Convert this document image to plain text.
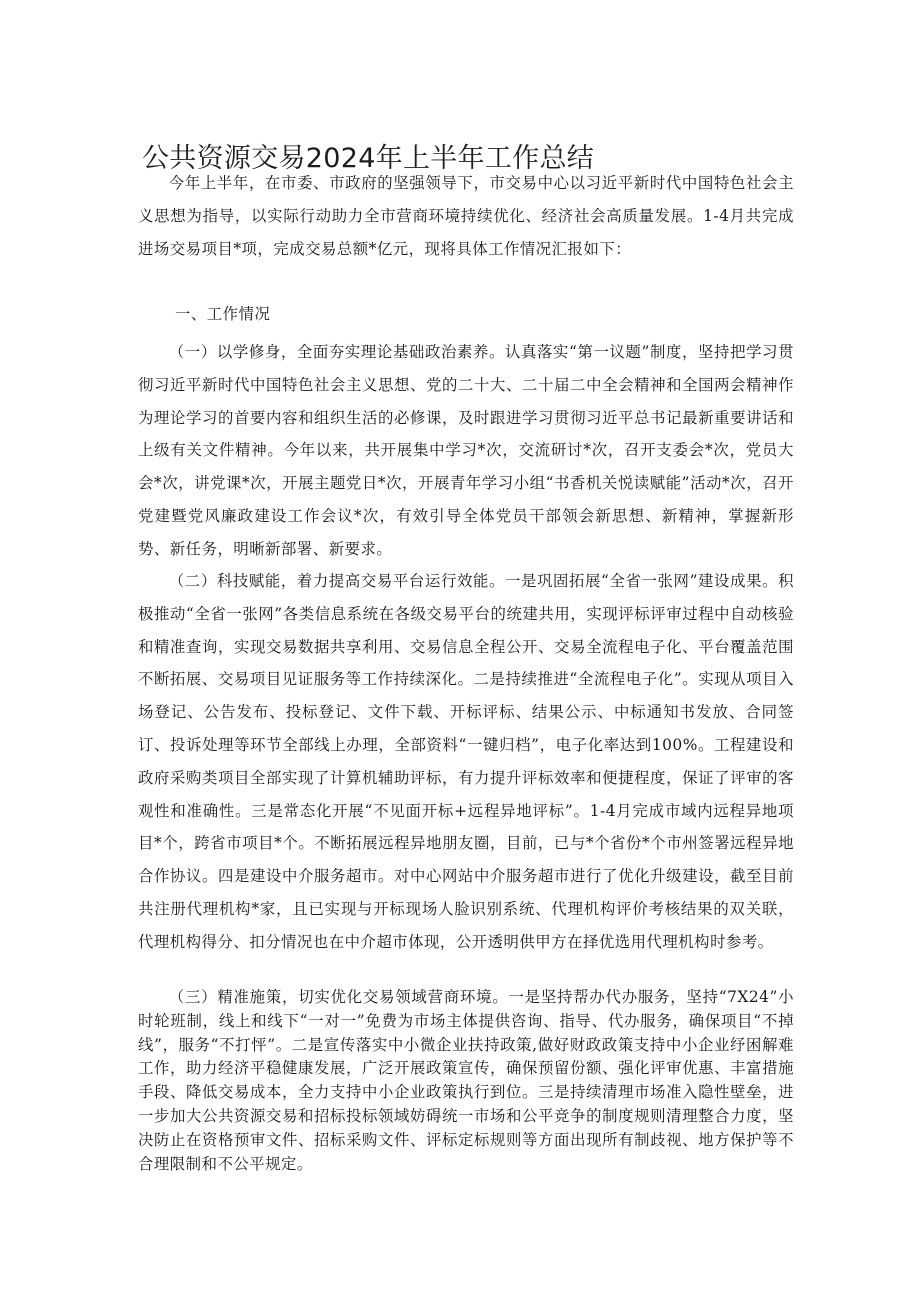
公共资源交易2024年上半年工作总结

今年上半年，在市委、市政府的坚强领导下，市交易中心以习近平新时代中国特色社会主义思想为指导，以实际行动助力全市营商环境持续优化、经济社会高质量发展。1-4月共完成进场交易项目*项，完成交易总额*亿元，现将具体工作情况汇报如下：

一、工作情况

（一）以学修身，全面夯实理论基础政治素养。认真落实“第一议题”制度，坚持把学习贯彻习近平新时代中国特色社会主义思想、党的二十大、二十届二中全会精神和全国两会精神作为理论学习的首要内容和组织生活的必修课，及时跟进学习贯彻习近平总书记最新重要讲话和上级有关文件精神。今年以来，共开展集中学习*次，交流研讨*次，召开支委会*次，党员大会*次，讲党课*次，开展主题党日*次，开展青年学习小组“书香机关悦读赋能”活动*次，召开党建暨党风廉政建设工作会议*次，有效引导全体党员干部领会新思想、新精神，掌握新形势、新任务，明晰新部署、新要求。

（二）科技赋能，着力提高交易平台运行效能。一是巩固拓展“全省一张网”建设成果。积极推动“全省一张网”各类信息系统在各级交易平台的统建共用，实现评标评审过程中自动核验和精准查询，实现交易数据共享利用、交易信息全程公开、交易全流程电子化、平台覆盖范围不断拓展、交易项目见证服务等工作持续深化。二是持续推进“全流程电子化”。实现从项目入场登记、公告发布、投标登记、文件下载、开标评标、结果公示、中标通知书发放、合同签订、投诉处理等环节全部线上办理，全部资料“一键归档”，电子化率达到100%。工程建设和政府采购类项目全部实现了计算机辅助评标，有力提升评标效率和便捷程度，保证了评审的客观性和准确性。三是常态化开展“不见面开标+远程异地评标”。1-4月完成市域内远程异地项目*个，跨省市项目*个。不断拓展远程异地朋友圈，目前，已与*个省份*个市州签署远程异地合作协议。四是建设中介服务超市。对中心网站中介服务超市进行了优化升级建设，截至目前共注册代理机构*家，且已实现与开标现场人脸识别系统、代理机构评价考核结果的双关联，代理机构得分、扣分情况也在中介超市体现，公开透明供甲方在择优选用代理机构时参考。

（三）精准施策，切实优化交易领域营商环境。一是坚持帮办代办服务，坚持“7X24”小时轮班制，线上和线下“一对一”免费为市场主体提供咨询、指导、代办服务，确保项目“不掉线”，服务“不打怦”。二是宣传落实中小微企业扶持政策,做好财政政策支持中小企业纾困解难工作，助力经济平稳健康发展，广泛开展政策宣传，确保预留份额、强化评审优惠、丰富措施手段、降低交易成本，全力支持中小企业政策执行到位。三是持续清理市场准入隐性壁垒，进一步加大公共资源交易和招标投标领域妨碍统一市场和公平竞争的制度规则清理整合力度，坚决防止在资格预审文件、招标采购文件、评标定标规则等方面出现所有制歧视、地方保护等不合理限制和不公平规定。
